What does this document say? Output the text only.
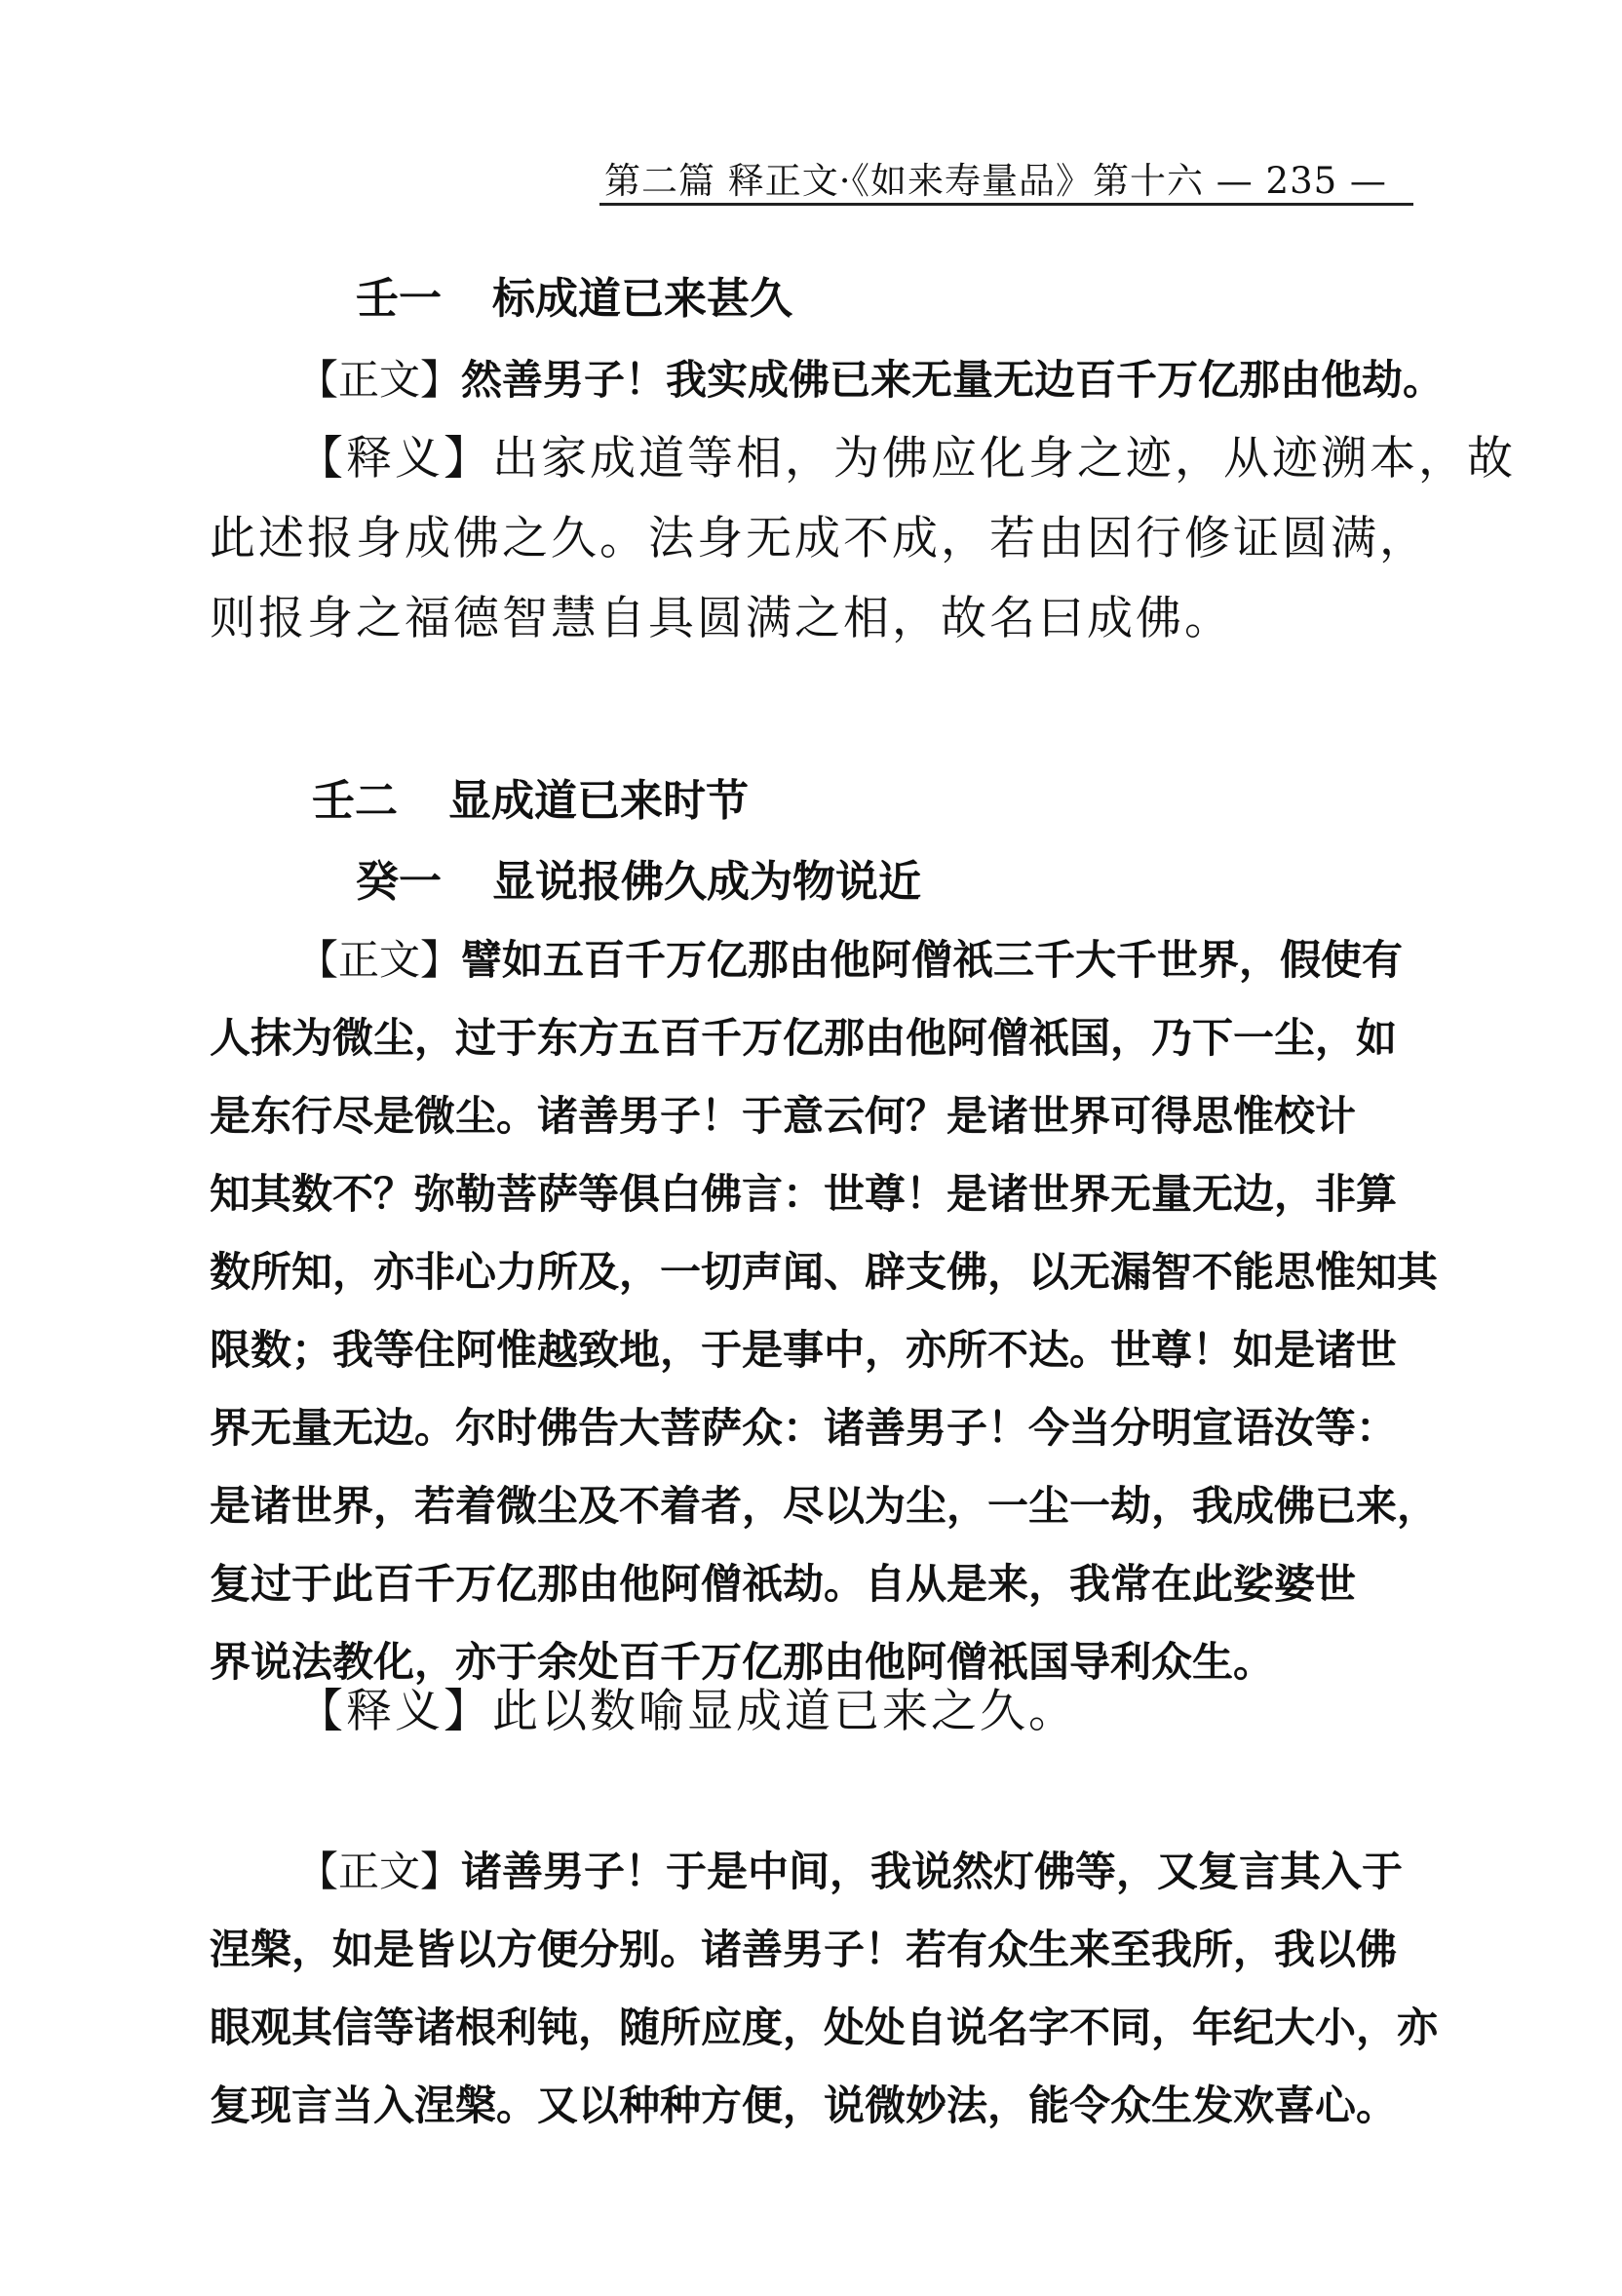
第二篇 释正文·《如来寿量品》第十六 — 235 —
壬一 标成道已来甚久
【正文】然善男子！我实成佛已来无量无边百千万亿那由他劫。
【释义】出家成道等相，为佛应化身之迹，从迹溯本，故
此述报身成佛之久。法身无成不成，若由因行修证圆满，
则报身之福德智慧自具圆满之相，故名曰成佛。
壬二 显成道已来时节
癸一 显说报佛久成为物说近
【正文】譬如五百千万亿那由他阿僧祇三千大千世界，假使有
人抹为微尘，过于东方五百千万亿那由他阿僧祇国，乃下一尘，如
是东行尽是微尘。诸善男子！于意云何？是诸世界可得思惟校计
知其数不？弥勒菩萨等俱白佛言：世尊！是诸世界无量无边，非算
数所知，亦非心力所及，一切声闻、辟支佛，以无漏智不能思惟知其
限数；我等住阿惟越致地，于是事中，亦所不达。世尊！如是诸世
界无量无边。尔时佛告大菩萨众：诸善男子！今当分明宣语汝等：
是诸世界，若着微尘及不着者，尽以为尘，一尘一劫，我成佛已来，
复过于此百千万亿那由他阿僧祇劫。自从是来，我常在此娑婆世
界说法教化，亦于余处百千万亿那由他阿僧祇国导利众生。
【释义】此以数喻显成道已来之久。
【正文】诸善男子！于是中间，我说然灯佛等，又复言其入于
涅槃，如是皆以方便分别。诸善男子！若有众生来至我所，我以佛
眼观其信等诸根利钝，随所应度，处处自说名字不同，年纪大小，亦
复现言当入涅槃。又以种种方便，说微妙法，能令众生发欢喜心。
